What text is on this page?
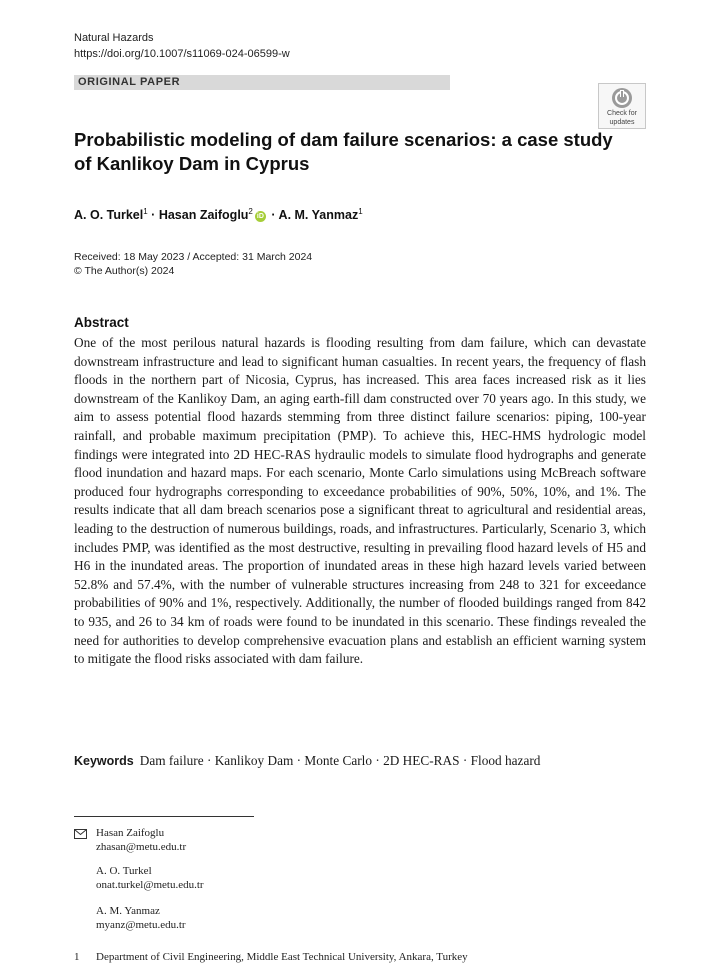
Natural Hazards
https://doi.org/10.1007/s11069-024-06599-w
ORIGINAL PAPER
Check for
updates
Probabilistic modeling of dam failure scenarios: a case study of Kanlikoy Dam in Cyprus
A. O. Turkel$^1$ · Hasan Zaifoglu$^2$iD · A. M. Yanmaz$^1$
Received: 18 May 2023 / Accepted: 31 March 2024
© The Author(s) 2024
Abstract
One of the most perilous natural hazards is flooding resulting from dam failure, which can devastate downstream infrastructure and lead to significant human casualties. In recent years, the frequency of flash floods in the northern part of Nicosia, Cyprus, has increased. This area faces increased risk as it lies downstream of the Kanlikoy Dam, an aging earth-fill dam constructed over 70 years ago. In this study, we aim to assess potential flood hazards stemming from three distinct failure scenarios: piping, 100-year rainfall, and probable maximum precipitation (PMP). To achieve this, HEC-HMS hydrologic model findings were integrated into 2D HEC-RAS hydraulic models to simulate flood hydrographs and generate flood inundation and hazard maps. For each scenario, Monte Carlo simulations using McBreach software produced four hydrographs corresponding to exceedance probabilities of 90%, 50%, 10%, and 1%. The results indicate that all dam breach scenarios pose a significant threat to agricultural and residential areas, leading to the destruction of numerous buildings, roads, and infrastructures. Particularly, Scenario 3, which includes PMP, was identified as the most destructive, resulting in prevailing flood hazard levels of H5 and H6 in the inundated areas. The proportion of inundated areas in these high hazard levels varied between 52.8% and 57.4%, with the number of vulnerable structures increasing from 248 to 321 for exceedance probabilities of 90% and 1%, respectively. Additionally, the number of flooded buildings ranged from 842 to 935, and 26 to 34 km of roads were found to be inundated in this scenario. These findings revealed the need for authorities to develop comprehensive evacuation plans and establish an efficient warning system to mitigate the flood risks associated with dam failure.
Keywords Dam failure · Kanlikoy Dam · Monte Carlo · 2D HEC-RAS · Flood hazard
Hasan Zaifoglu
zhasan@metu.edu.tr
A. O. Turkel
onat.turkel@metu.edu.tr
A. M. Yanmaz
myanz@metu.edu.tr
1 Department of Civil Engineering, Middle East Technical University, Ankara, Turkey
